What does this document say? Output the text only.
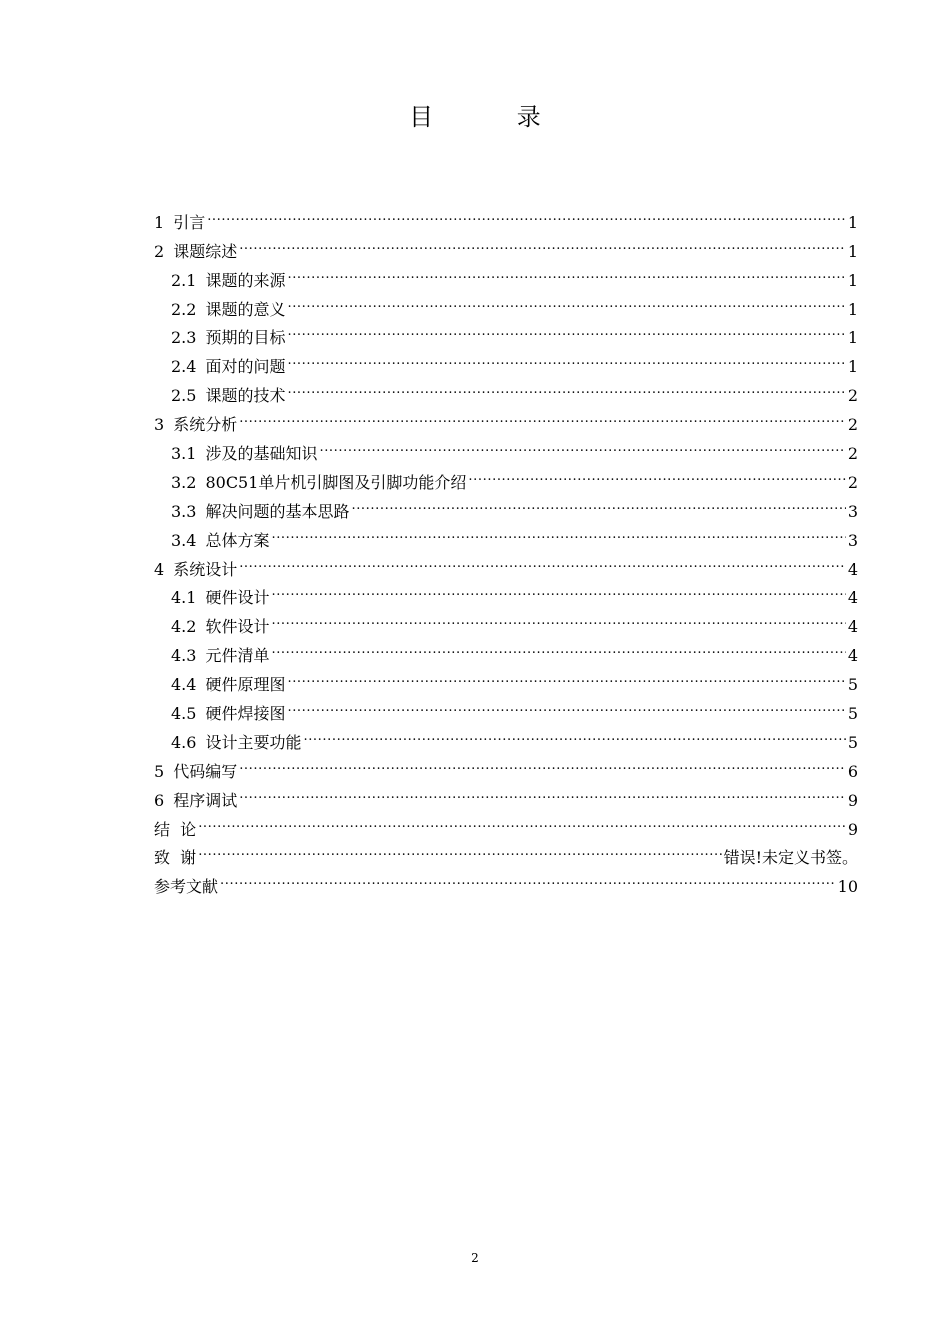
目 录
1 引言 .....	1
2 课题综述 .....	1
2.1 课题的来源 .....	1
2.2 课题的意义 .....	1
2.3 预期的目标 .....	1
2.4 面对的问题 .....	1
2.5 课题的技术 .....	2
3 系统分析 .....	2
3.1 涉及的基础知识 .....	2
3.2 80C51单片机引脚图及引脚功能介绍 .....	2
3.3 解决问题的基本思路 .....	3
3.4 总体方案 .....	3
4 系统设计 .....	4
4.1 硬件设计 .....	4
4.2 软件设计 .....	4
4.3 元件清单 .....	4
4.4 硬件原理图 .....	5
4.5 硬件焊接图 .....	5
4.6 设计主要功能 .....	5
5 代码编写 .....	6
6 程序调试 .....	9
结  论 .....	9
致  谢 .....	错误!未定义书签。
参考文献 .....	10
2
